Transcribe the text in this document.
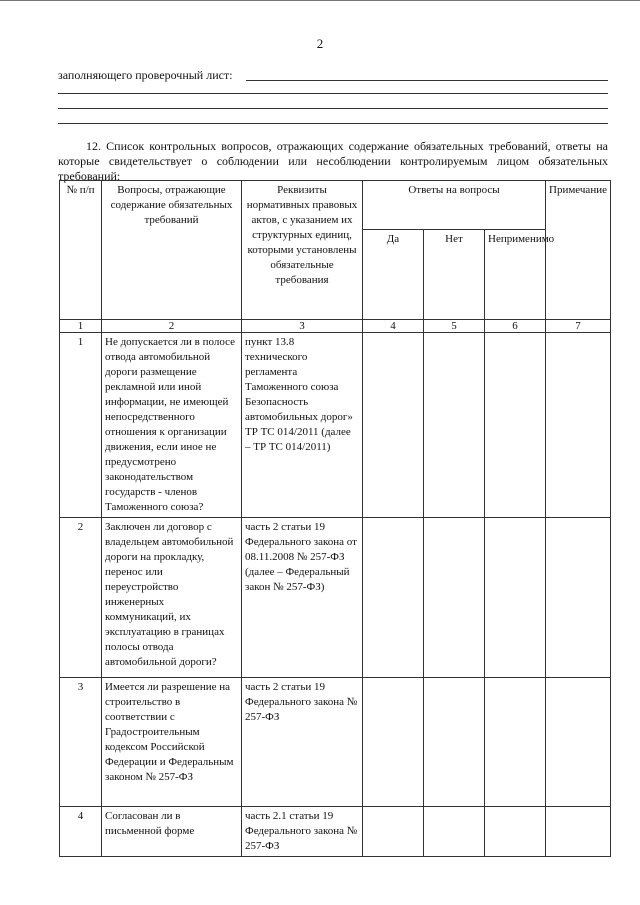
2
заполняющего проверочный лист:
12. Список контрольных вопросов, отражающих содержание обязательных требований, ответы на которые свидетельствует о соблюдении или несоблюдении контролируемым лицом обязательных требований:
№ п/п	Вопросы, отражающие содержание обязательных требований	Реквизиты нормативных правовых актов, с указанием их структурных единиц, которыми установлены обязательные требования	Ответы на вопросы			Примечание
			Да	Нет	Неприменимо	
1	2	3	4	5	6	7
1	Не допускается ли в полосе отвода автомобильной дороги размещение рекламной или иной информации, не имеющей непосредственного отношения к организации движения, если иное не предусмотрено законодательством государств - членов Таможенного союза?	пункт 13.8 технического регламента Таможенного союза Безопасность автомобильных дорог» ТР ТС 014/2011 (далее – ТР ТС 014/2011)				
2	Заключен ли договор с владельцем автомобильной дороги на прокладку, перенос или переустройство инженерных коммуникаций, их эксплуатацию в границах полосы отвода автомобильной дороги?	часть 2 статьи 19 Федерального закона от 08.11.2008 № 257-ФЗ (далее – Федеральный закон № 257-ФЗ)				
3	Имеется ли разрешение на строительство в соответствии с Градостроительным кодексом Российской Федерации и Федеральным законом № 257-ФЗ	часть 2 статьи 19 Федерального закона № 257-ФЗ				
4	Согласован ли в письменной форме	часть 2.1 статьи 19 Федерального закона № 257-ФЗ				
